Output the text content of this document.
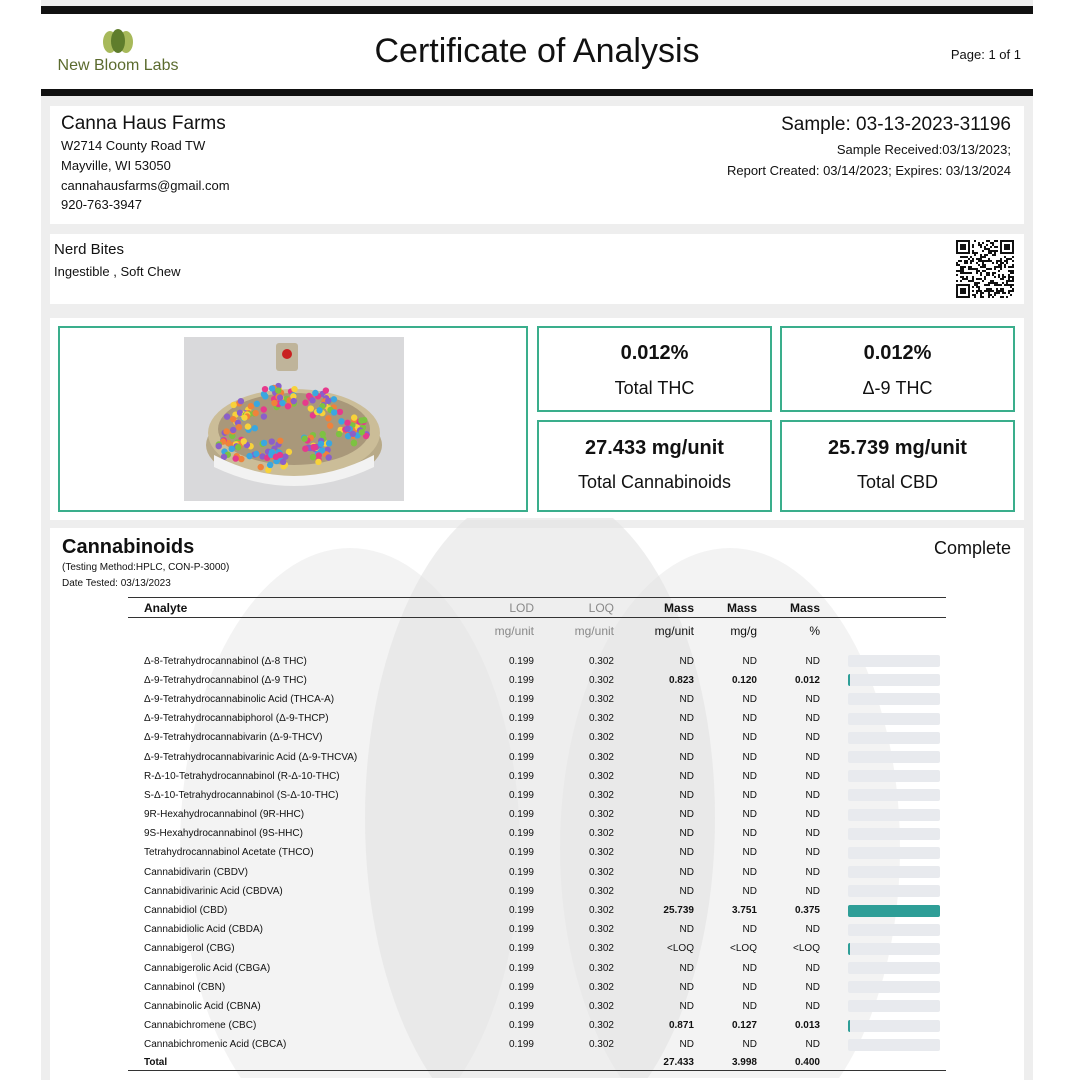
New Bloom Labs	Certificate of Analysis	Page: 1 of 1
Canna Haus Farms
W2714 County Road TW
Mayville, WI 53050
cannahausfarms@gmail.com
920-763-3947
Sample: 03-13-2023-31196
Sample Received:03/13/2023;
Report Created: 03/14/2023; Expires: 03/13/2024
Nerd Bites
Ingestible , Soft Chew
0.012%
Total THC
0.012%
Δ-9 THC
27.433 mg/unit
Total Cannabinoids
25.739 mg/unit
Total CBD
Cannabinoids	Complete
(Testing Method:HPLC, CON-P-3000)
Date Tested: 03/13/2023
Analyte	LOD	LOQ	Mass	Mass	Mass	
	mg/unit	mg/unit	mg/unit	mg/g	%	

Δ-8-Tetrahydrocannabinol (Δ-8 THC)	0.199	0.302	ND	ND	ND	

Δ-9-Tetrahydrocannabinol (Δ-9 THC)	0.199	0.302	0.823	0.120	0.012	

Δ-9-Tetrahydrocannabinolic Acid (THCA-A)	0.199	0.302	ND	ND	ND	

Δ-9-Tetrahydrocannabiphorol (Δ-9-THCP)	0.199	0.302	ND	ND	ND	

Δ-9-Tetrahydrocannabivarin (Δ-9-THCV)	0.199	0.302	ND	ND	ND	

Δ-9-Tetrahydrocannabivarinic Acid (Δ-9-THCVA)	0.199	0.302	ND	ND	ND	

R-Δ-10-Tetrahydrocannabinol (R-Δ-10-THC)	0.199	0.302	ND	ND	ND	

S-Δ-10-Tetrahydrocannabinol (S-Δ-10-THC)	0.199	0.302	ND	ND	ND	

9R-Hexahydrocannabinol (9R-HHC)	0.199	0.302	ND	ND	ND	

9S-Hexahydrocannabinol (9S-HHC)	0.199	0.302	ND	ND	ND	

Tetrahydrocannabinol Acetate (THCO)	0.199	0.302	ND	ND	ND	

Cannabidivarin (CBDV)	0.199	0.302	ND	ND	ND	

Cannabidivarinic Acid (CBDVA)	0.199	0.302	ND	ND	ND	

Cannabidiol (CBD)	0.199	0.302	25.739	3.751	0.375	

Cannabidiolic Acid (CBDA)	0.199	0.302	ND	ND	ND	

Cannabigerol (CBG)	0.199	0.302	<LOQ	<LOQ	<LOQ	

Cannabigerolic Acid (CBGA)	0.199	0.302	ND	ND	ND	

Cannabinol (CBN)	0.199	0.302	ND	ND	ND	

Cannabinolic Acid (CBNA)	0.199	0.302	ND	ND	ND	

Cannabichromene (CBC)	0.199	0.302	0.871	0.127	0.013	

Cannabichromenic Acid (CBCA)	0.199	0.302	ND	ND	ND	

Total			27.433	3.998	0.400	
